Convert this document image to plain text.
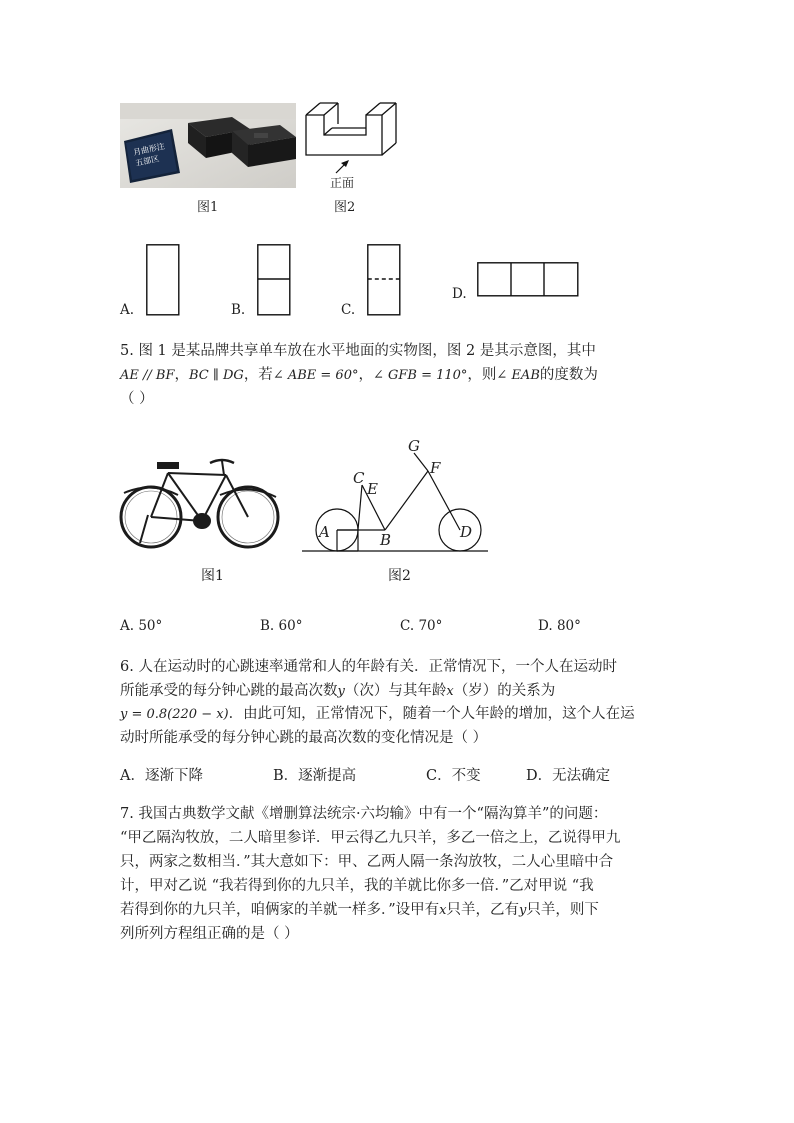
月曲形注 五部区
正面
图1	图2
A.	B.	C.
D.
5. 图 1 是某品牌共享单车放在水平地面的实物图，图 2 是其示意图，其中
AE // BF，BC ∥ DG，若∠ ABE = 60°，∠ GFB = 110°，则∠ EAB的度数为
（ ）
A	B
C
E
D
F
G
图1	图2
A. 50°	B. 60°	C. 70°	D. 80°
6. 人在运动时的心跳速率通常和人的年龄有关．正常情况下，一个人在运动时
所能承受的每分钟心跳的最高次数y（次）与其年龄x（岁）的关系为
y = 0.8(220 − x)．由此可知，正常情况下，随着一个人年龄的增加，这个人在运
动时所能承受的每分钟心跳的最高次数的变化情况是（ ）
A．逐渐下降	B．逐渐提高	C．不变	D．无法确定
7. 我国古典数学文献《增删算法统宗·六均输》中有一个“隔沟算羊”的问题：
“甲乙隔沟牧放，二人暗里参详．甲云得乙九只羊，多乙一倍之上，乙说得甲九
只，两家之数相当．”其大意如下：甲、乙两人隔一条沟放牧，二人心里暗中合
计，甲对乙说 “我若得到你的九只羊，我的羊就比你多一倍．”乙对甲说 “我
若得到你的九只羊，咱俩家的羊就一样多．”设甲有x只羊，乙有y只羊，则下
列所列方程组正确的是（ ）
